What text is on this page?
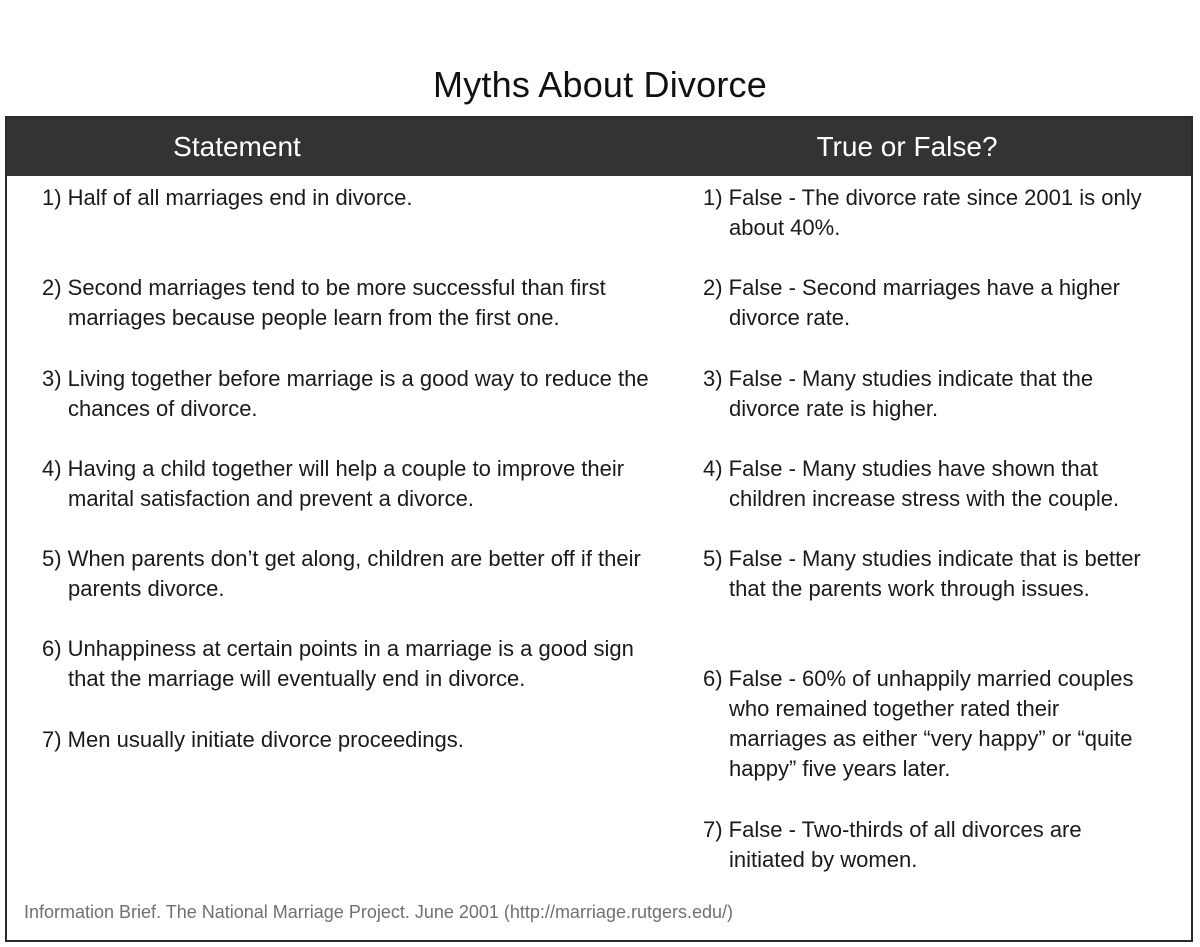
Myths About Divorce
Statement	True or False?
1) Half of all marriages end in divorce.
2) Second marriages tend to be more successful than first marriages because people learn from the first one.
3) Living together before marriage is a good way to reduce the chances of divorce.
4) Having a child together will help a couple to improve their marital satisfaction and prevent a divorce.
5) When parents don’t get along, children are better off if their parents divorce.
6) Unhappiness at certain points in a marriage is a good sign that the marriage will eventually end in divorce.
7) Men usually initiate divorce proceedings.
1) False - The divorce rate since 2001 is only about 40%.
2) False - Second marriages have a higher divorce rate.
3) False - Many studies indicate that the divorce rate is higher.
4) False - Many studies have shown that children increase stress with the couple.
5) False - Many studies indicate that is better that the parents work through issues.
6) False - 60% of unhappily married couples who remained together rated their marriages as either “very happy” or “quite happy” five years later.
7) False - Two-thirds of all divorces are initiated by women.
Information Brief. The National Marriage Project. June 2001 (http://marriage.rutgers.edu/)
